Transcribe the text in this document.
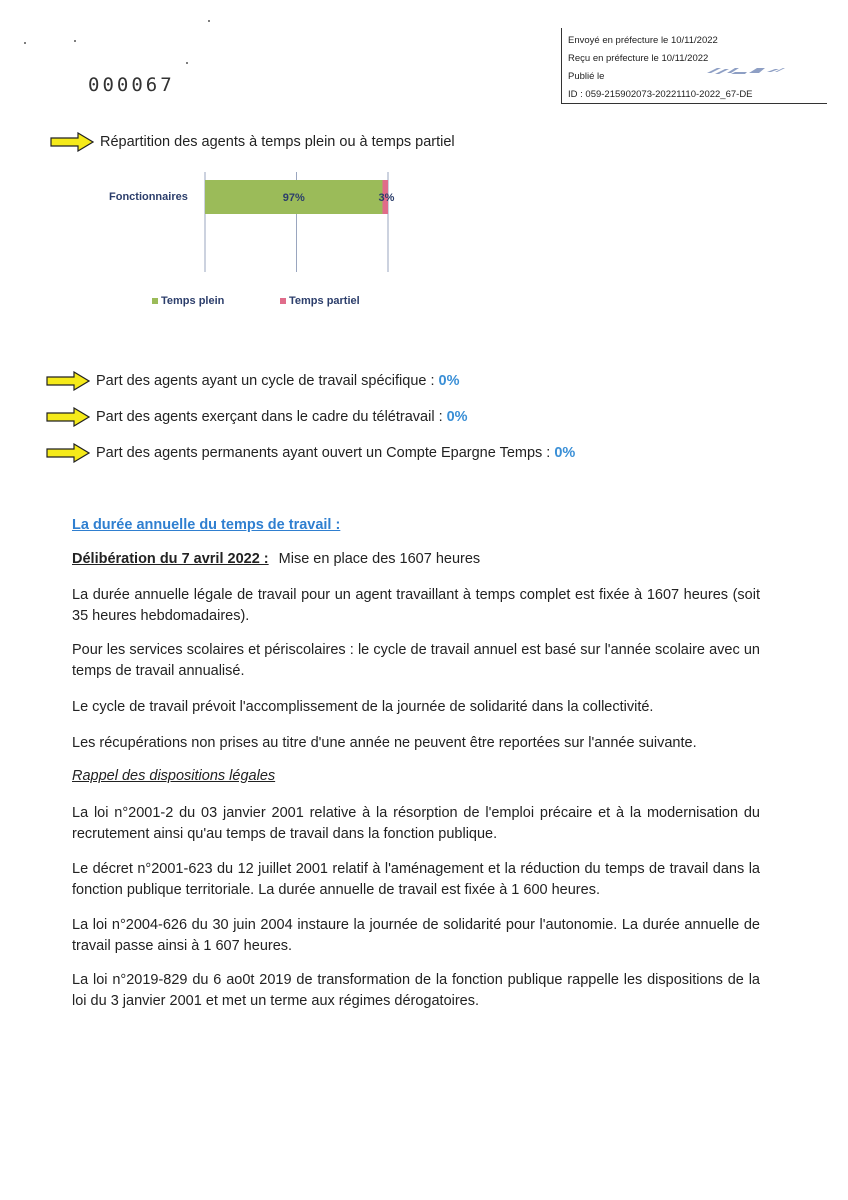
Envoyé en préfecture le 10/11/2022
Reçu en préfecture le 10/11/2022
Publié le
ID : 059-215902073-20221110-2022_67-DE
000067
Répartition des agents à temps plein ou à temps partiel
97%	3%
Fonctionnaires
Temps plein	Temps partiel
Part des agents ayant un cycle de travail spécifique : 0%
Part des agents exerçant dans le cadre du télétravail : 0%
Part des agents permanents ayant ouvert un Compte Epargne Temps : 0%
La durée annuelle du temps de travail :
Délibération du 7 avril 2022 : Mise en place des 1607 heures
La durée annuelle légale de travail pour un agent travaillant à temps complet est fixée à 1607 heures (soit 35 heures hebdomadaires).
Pour les services scolaires et périscolaires : le cycle de travail annuel est basé sur l'année scolaire avec un temps de travail annualisé.
Le cycle de travail prévoit l'accomplissement de la journée de solidarité dans la collectivité.
Les récupérations non prises au titre d'une année ne peuvent être reportées sur l'année suivante.
Rappel des dispositions légales
La loi n°2001-2 du 03 janvier 2001 relative à la résorption de l'emploi précaire et à la modernisation du recrutement ainsi qu'au temps de travail dans la fonction publique.
Le décret n°2001-623 du 12 juillet 2001 relatif à l'aménagement et la réduction du temps de travail dans la fonction publique territoriale. La durée annuelle de travail est fixée à 1 600 heures.
La loi n°2004-626 du 30 juin 2004 instaure la journée de solidarité pour l'autonomie. La durée annuelle de travail passe ainsi à 1 607 heures.
La loi n°2019-829 du 6 ao0t 2019 de transformation de la fonction publique rappelle les dispositions de la loi du 3 janvier 2001 et met un terme aux régimes dérogatoires.
